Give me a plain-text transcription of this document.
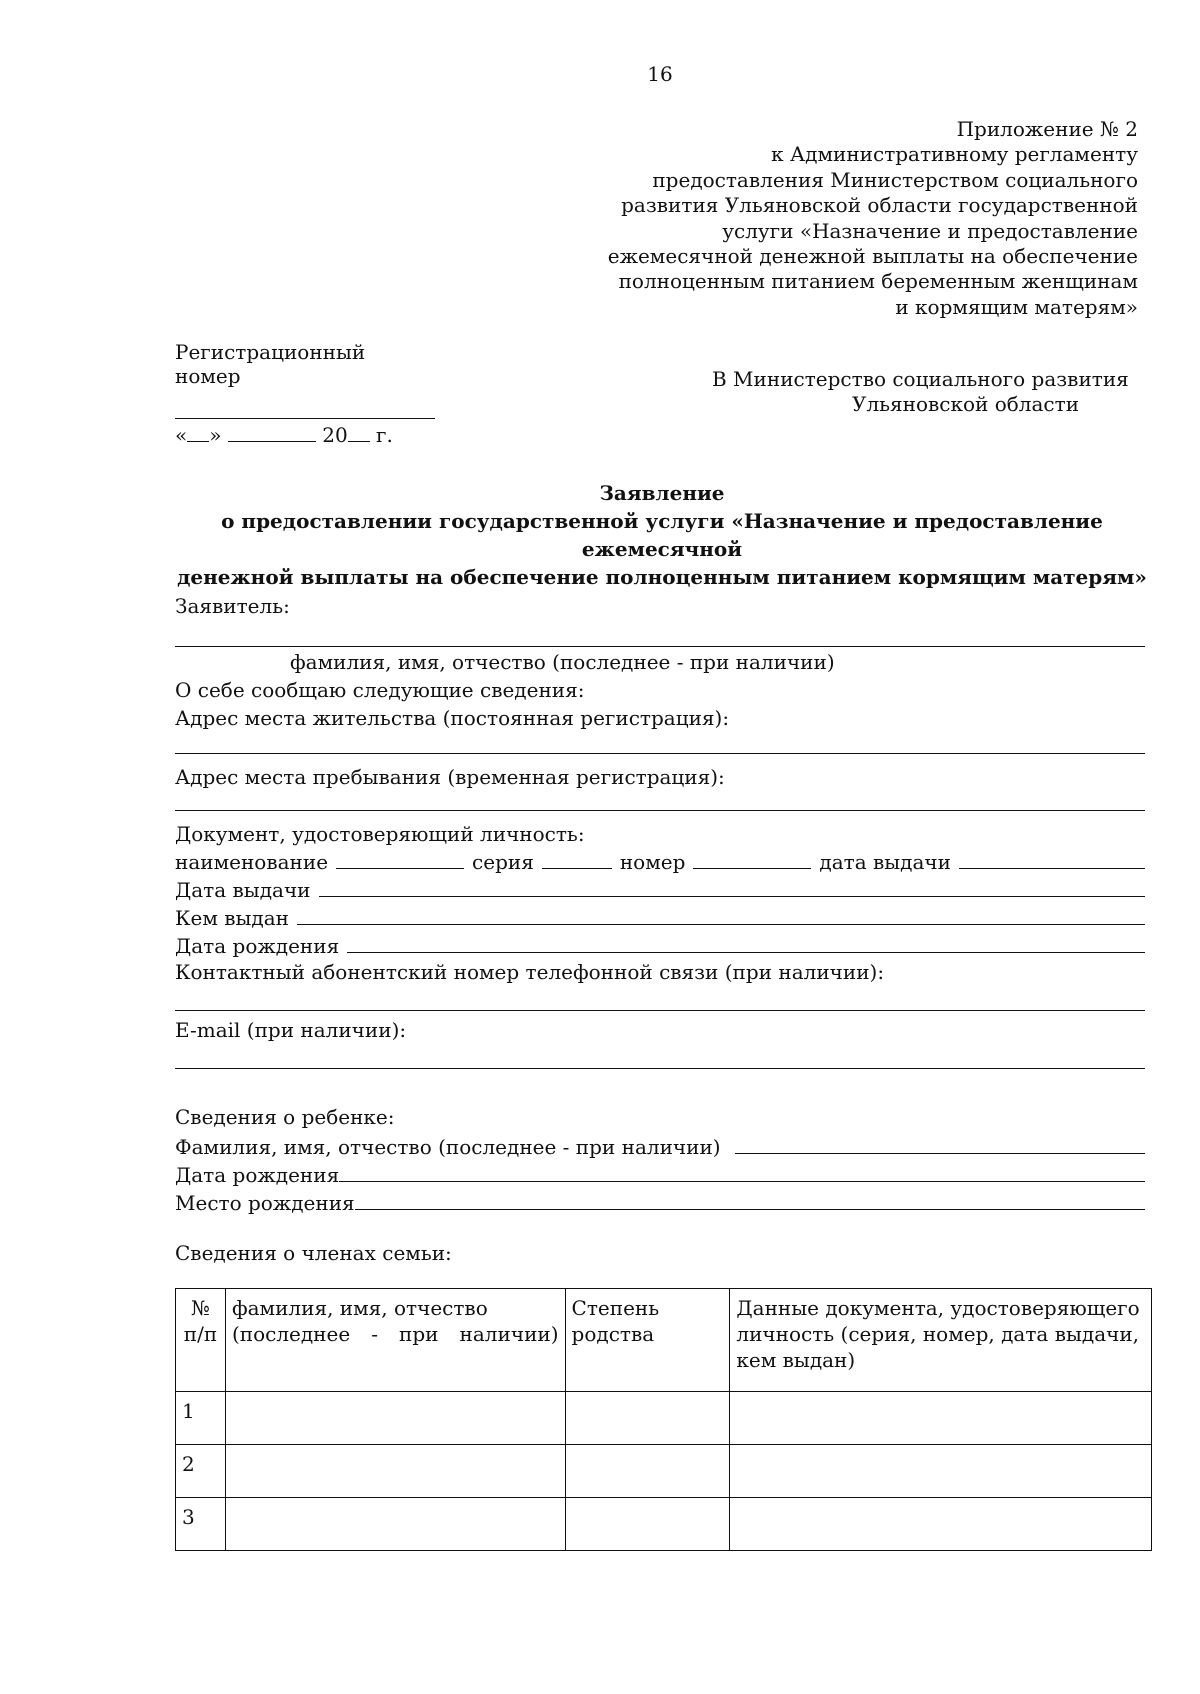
16
Приложение № 2
к Административному регламенту
предоставления Министерством социального
развития Ульяновской области государственной
услуги «Назначение и предоставление
ежемесячной денежной выплаты на обеспечение
полноценным питанием беременным женщинам
и кормящим матерям»
Регистрационный номер
« »	20 г.
В Министерство социального развития
Ульяновской области
Заявление
о предоставлении государственной услуги «Назначение и предоставление ежемесячной
денежной выплаты на обеспечение полноценным питанием кормящим матерям»
Заявитель:
фамилия, имя, отчество (последнее - при наличии)
О себе сообщаю следующие сведения:
Адрес места жительства (постоянная регистрация):
Адрес места пребывания (временная регистрация):
Документ, удостоверяющий личность:
наименование	серия	номер	дата выдачи
Дата выдачи
Кем выдан
Дата рождения
Контактный абонентский номер телефонной связи (при наличии):
E-mail (при наличии):
Сведения о ребенке:
Фамилия, имя, отчество (последнее - при наличии)
Дата рождения
Место рождения
Сведения о членах семьи:
№ п/п	фамилия, имя, отчество (последнее - при наличии)	Степень родства	Данные документа, удостоверяющего личность (серия, номер, дата выдачи, кем выдан)
1			
2			
3			
